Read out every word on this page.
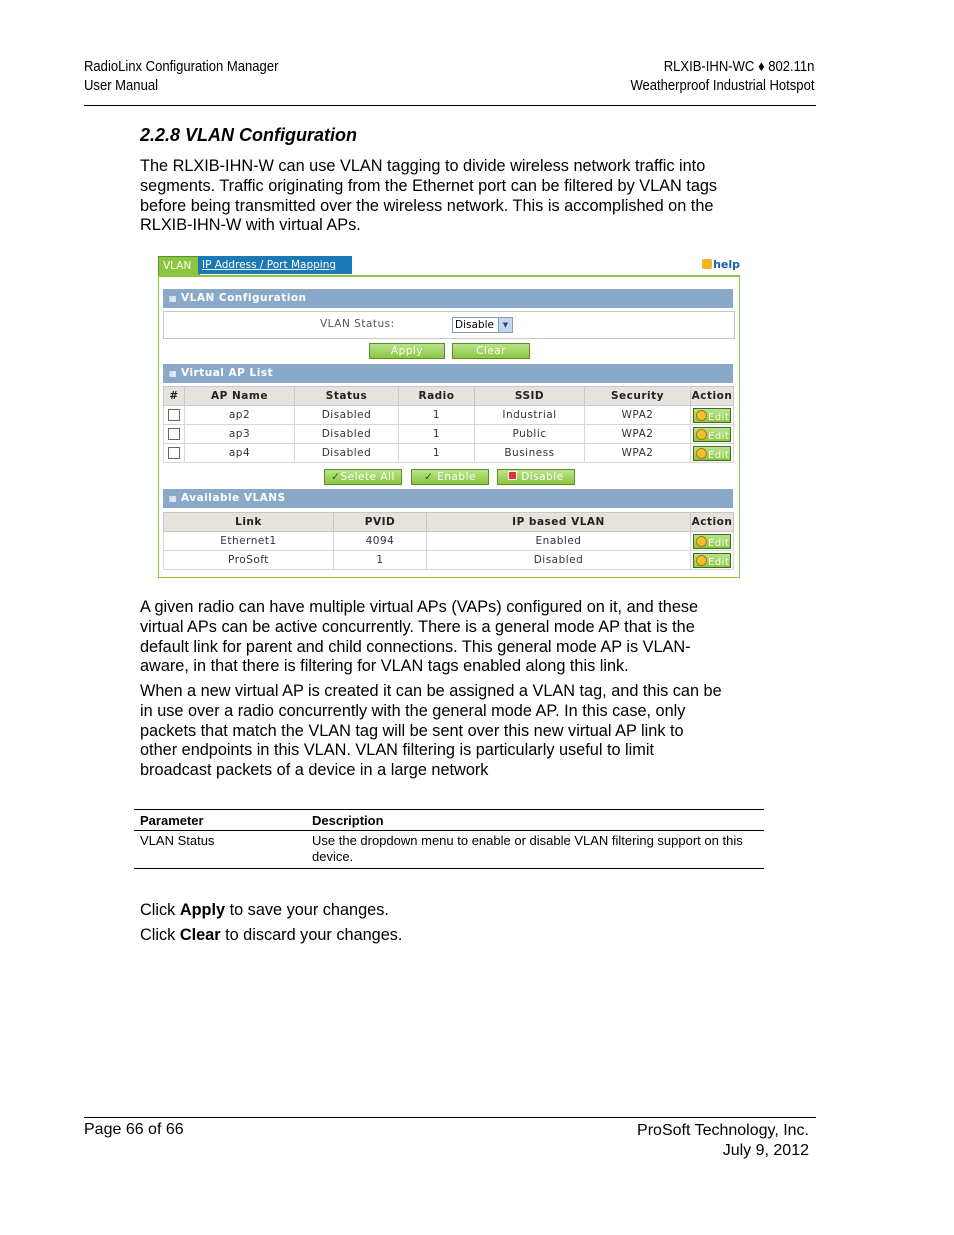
RadioLinx Configuration Manager
User Manual
RLXIB-IHN-WC ♦ 802.11n
Weatherproof Industrial Hotspot
2.2.8 VLAN Configuration
The RLXIB-IHN-W can use VLAN tagging to divide wireless network traffic into
segments. Traffic originating from the Ethernet port can be filtered by VLAN tags
before being transmitted over the wireless network. This is accomplished on the
RLXIB-IHN-W with virtual APs.
VLAN	IP Address / Port Mapping	help
▦ VLAN Configuration
VLAN Status:	Disable	▼
Apply	Clear
▦ Virtual AP List
#	AP Name	Status	Radio	SSID	Security	Action
	ap2	Disabled	1	Industrial	WPA2	Edit
	ap3	Disabled	1	Public	WPA2	Edit
	ap4	Disabled	1	Business	WPA2	Edit
✓Selete All	✓ Enable	Disable
▦ Available VLANS
Link	PVID	IP based VLAN	Action
Ethernet1	4094	Enabled	Edit
ProSoft	1	Disabled	Edit
A given radio can have multiple virtual APs (VAPs) configured on it, and these
virtual APs can be active concurrently. There is a general mode AP that is the
default link for parent and child connections. This general mode AP is VLAN-
aware, in that there is filtering for VLAN tags enabled along this link.
When a new virtual AP is created it can be assigned a VLAN tag, and this can be
in use over a radio concurrently with the general mode AP. In this case, only
packets that match the VLAN tag will be sent over this new virtual AP link to
other endpoints in this VLAN. VLAN filtering is particularly useful to limit
broadcast packets of a device in a large network
Parameter	Description
VLAN Status	Use the dropdown menu to enable or disable VLAN filtering support on this device.
Click Apply to save your changes.
Click Clear to discard your changes.
Page 66 of 66	ProSoft Technology, Inc.
July 9, 2012
